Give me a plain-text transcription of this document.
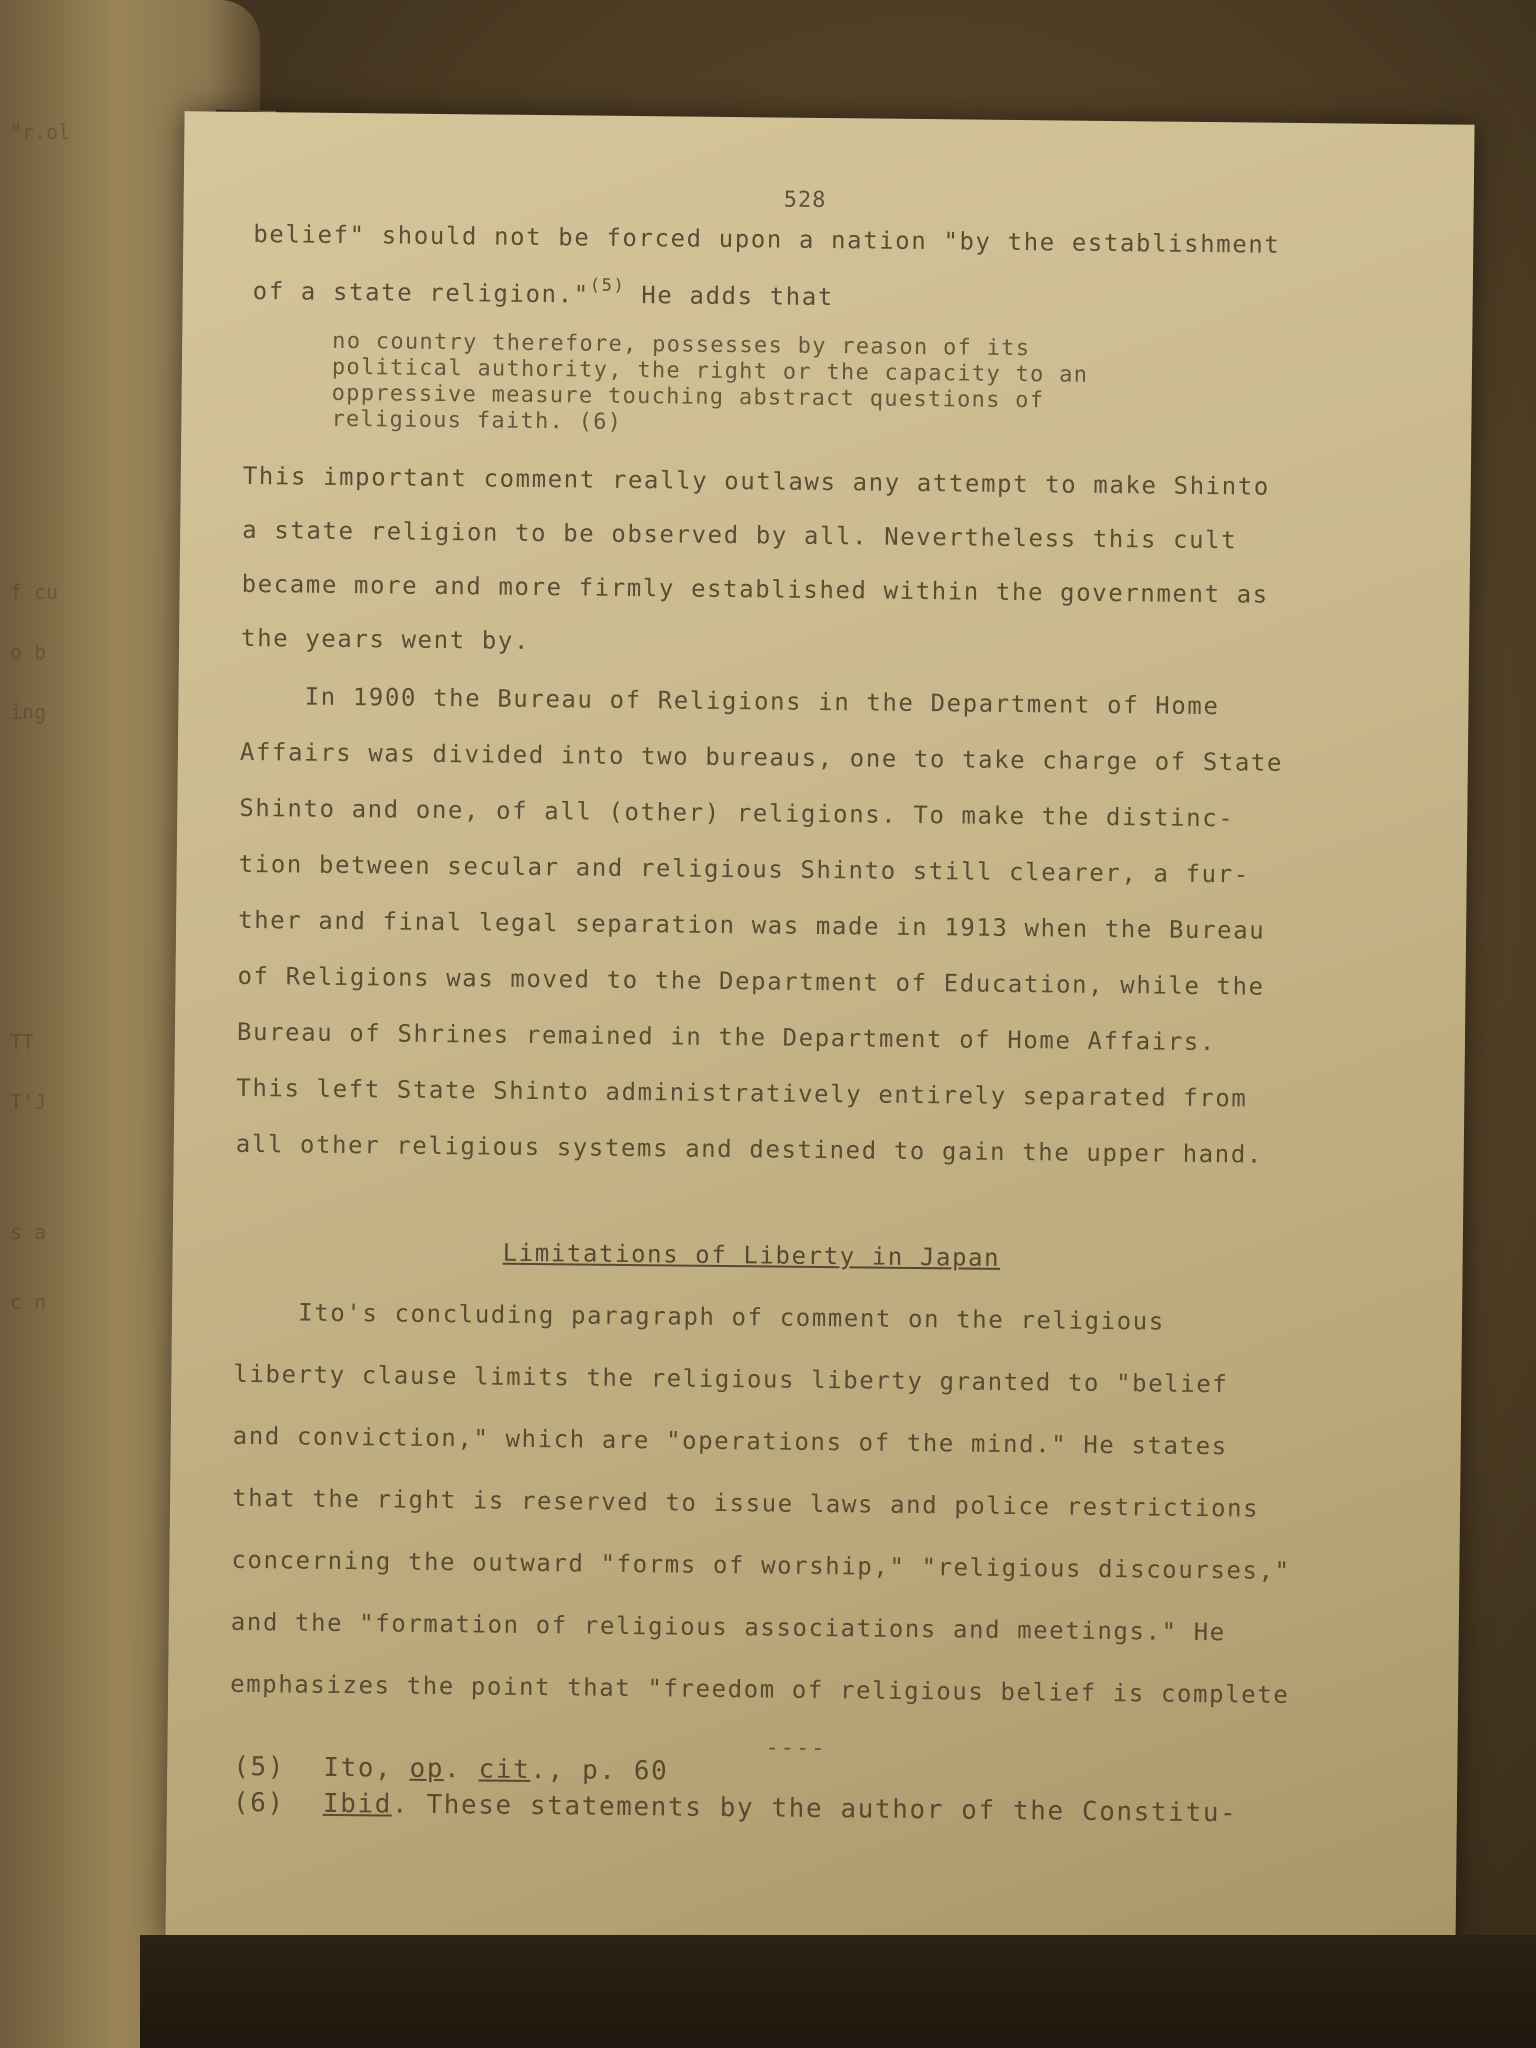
"r.ol
f cu
o b
ing
TT
T'J
s a
c n
528
belief" should not be forced upon a nation "by the establishment
of a state religion."$^{(5)}$ He adds that
no country therefore, possesses by reason of its
political authority, the right or the capacity to an
oppressive measure touching abstract questions of
religious faith. (6)
This important comment really outlaws any attempt to make Shinto
a state religion to be observed by all. Nevertheless this cult
became more and more firmly established within the government as
the years went by.
In 1900 the Bureau of Religions in the Department of Home
Affairs was divided into two bureaus, one to take charge of State
Shinto and one, of all (other) religions. To make the distinc-
tion between secular and religious Shinto still clearer, a fur-
ther and final legal separation was made in 1913 when the Bureau
of Religions was moved to the Department of Education, while the
Bureau of Shrines remained in the Department of Home Affairs.
This left State Shinto administratively entirely separated from
all other religious systems and destined to gain the upper hand.
Limitations of Liberty in Japan
Ito's concluding paragraph of comment on the religious
liberty clause limits the religious liberty granted to "belief
and conviction," which are "operations of the mind." He states
that the right is reserved to issue laws and police restrictions
concerning the outward "forms of worship," "religious discourses,"
and the "formation of religious associations and meetings." He
emphasizes the point that "freedom of religious belief is complete
----
(5) Ito, op. cit., p. 60
(6) Ibid. These statements by the author of the Constitu-
